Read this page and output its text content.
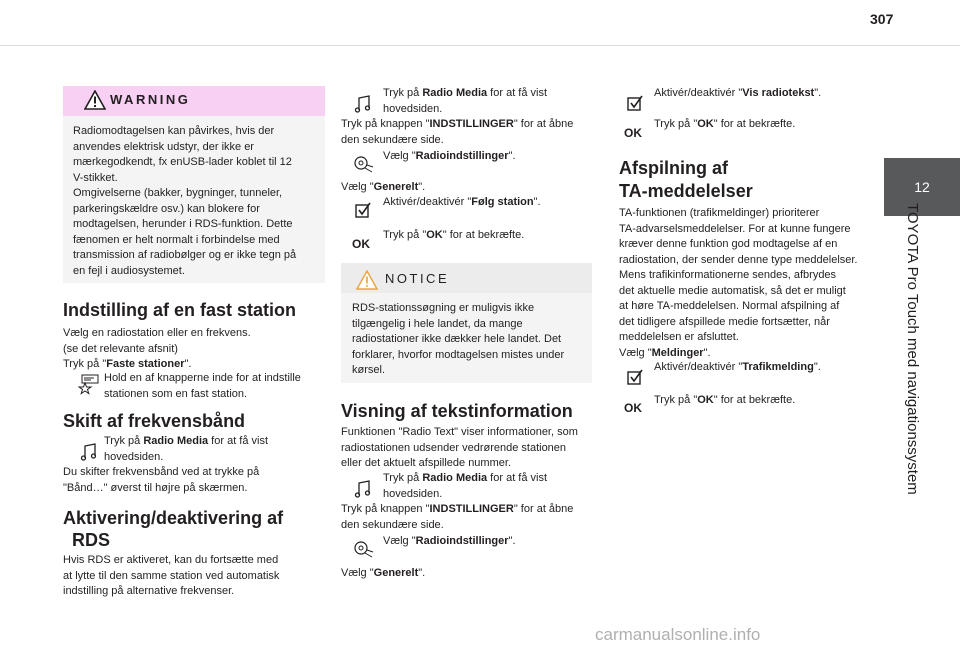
307
12
TOYOTA Pro Touch med navigationssystem
WARNING
Radiomodtagelsen kan påvirkes, hvis der
anvendes elektrisk udstyr, der ikke er
mærkegodkendt, fx enUSB-lader koblet til 12
V-stikket.
Omgivelserne (bakker, bygninger, tunneler,
parkeringskældre osv.) kan blokere for
modtagelsen, herunder i RDS-funktion. Dette
fænomen er helt normalt i forbindelse med
transmission af radiobølger og er ikke tegn på
en fejl i audiosystemet.
Indstilling af en fast station
Vælg en radiostation eller en frekvens.
(se det relevante afsnit)
Tryk på "Faste stationer".
Hold en af knapperne inde for at indstille
stationen som en fast station.
Skift af frekvensbånd
Tryk på Radio Media for at få vist
hovedsiden.
Du skifter frekvensbånd ved at trykke på
"Bånd…" øverst til højre på skærmen.
Aktivering/deaktivering af
RDS
Hvis RDS er aktiveret, kan du fortsætte med
at lytte til den samme station ved automatisk
indstilling på alternative frekvenser.
Tryk på Radio Media for at få vist
hovedsiden.
Tryk på knappen "INDSTILLINGER" for at åbne
den sekundære side.
Vælg "Radioindstillinger".
Vælg "Generelt".
Aktivér/deaktivér "Følg station".
OK
Tryk på "OK" for at bekræfte.
NOTICE
RDS-stationssøgning er muligvis ikke
tilgængelig i hele landet, da mange
radiostationer ikke dækker hele landet. Det
forklarer, hvorfor modtagelsen mistes under
kørsel.
Visning af tekstinformation
Funktionen "Radio Text" viser informationer, som
radiostationen udsender vedrørende stationen
eller det aktuelt afspillede nummer.
Tryk på Radio Media for at få vist
hovedsiden.
Tryk på knappen "INDSTILLINGER" for at åbne
den sekundære side.
Vælg "Radioindstillinger".
Vælg "Generelt".
Aktivér/deaktivér "Vis radiotekst".
OK
Tryk på "OK" for at bekræfte.
Afspilning af
TA-meddelelser
TA-funktionen (trafikmeldinger) prioriterer
TA-advarselsmeddelelser. For at kunne fungere
kræver denne funktion god modtagelse af en
radiostation, der sender denne type meddelelser.
Mens trafikinformationerne sendes, afbrydes
det aktuelle medie automatisk, så det er muligt
at høre TA-meddelelsen. Normal afspilning af
det tidligere afspillede medie fortsætter, når
meddelelsen er afsluttet.
Vælg "Meldinger".
Aktivér/deaktivér "Trafikmelding".
OK
Tryk på "OK" for at bekræfte.
carmanualsonline.info
